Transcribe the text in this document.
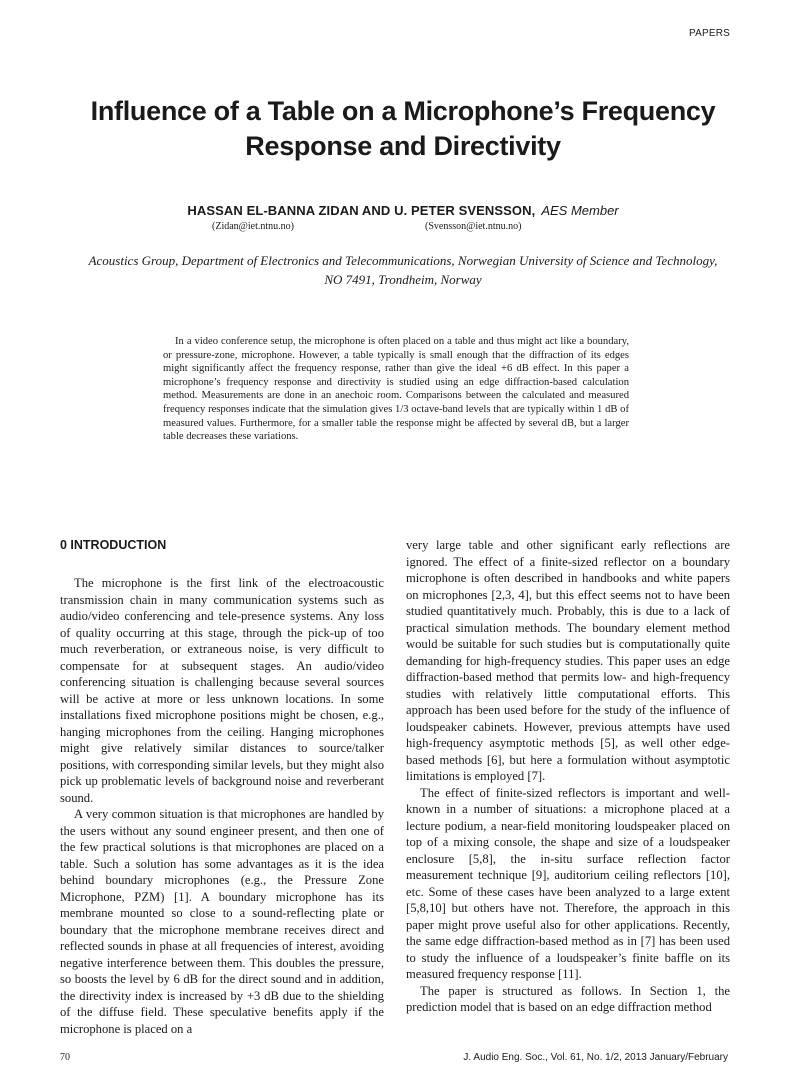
PAPERS
Influence of a Table on a Microphone’s Frequency Response and Directivity
HASSAN EL-BANNA ZIDAN AND U. PETER SVENSSON, AES Member
(Zidan@iet.ntnu.no)	(Svensson@iet.ntnu.no)
Acoustics Group, Department of Electronics and Telecommunications, Norwegian University of Science and Technology, NO 7491, Trondheim, Norway

In a video conference setup, the microphone is often placed on a table and thus might act like a boundary, or pressure-zone, microphone. However, a table typically is small enough that the diffraction of its edges might significantly affect the frequency response, rather than give the ideal +6 dB effect. In this paper a microphone’s frequency response and directivity is studied using an edge diffraction-based calculation method. Measurements are done in an anechoic room. Comparisons between the calculated and measured frequency responses indicate that the simulation gives 1/3 octave-band levels that are typically within 1 dB of measured values. Furthermore, for a smaller table the response might be affected by several dB, but a larger table decreases these variations.

0 INTRODUCTION

The microphone is the first link of the electroacoustic transmission chain in many communication systems such as audio/video conferencing and tele-presence systems. Any loss of quality occurring at this stage, through the pick-up of too much reverberation, or extraneous noise, is very difficult to compensate for at subsequent stages. An audio/video conferencing situation is challenging because several sources will be active at more or less unknown locations. In some installations fixed microphone positions might be chosen, e.g., hanging microphones from the ceiling. Hanging microphones might give relatively similar distances to source/talker positions, with corresponding similar levels, but they might also pick up problematic levels of background noise and reverberant sound.

A very common situation is that microphones are handled by the users without any sound engineer present, and then one of the few practical solutions is that microphones are placed on a table. Such a solution has some advantages as it is the idea behind boundary microphones (e.g., the Pressure Zone Microphone, PZM) [1]. A boundary microphone has its membrane mounted so close to a sound-reflecting plate or boundary that the microphone membrane receives direct and reflected sounds in phase at all frequencies of interest, avoiding negative interference between them. This doubles the pressure, so boosts the level by 6 dB for the direct sound and in addition, the directivity index is increased by +3 dB due to the shielding of the diffuse field. These speculative benefits apply if the microphone is placed on a

very large table and other significant early reflections are ignored. The effect of a finite-sized reflector on a boundary microphone is often described in handbooks and white papers on microphones [2,3, 4], but this effect seems not to have been studied quantitatively much. Probably, this is due to a lack of practical simulation methods. The boundary element method would be suitable for such studies but is computationally quite demanding for high-frequency studies. This paper uses an edge diffraction-based method that permits low- and high-frequency studies with relatively little computational efforts. This approach has been used before for the study of the influence of loudspeaker cabinets. However, previous attempts have used high-frequency asymptotic methods [5], as well other edge-based methods [6], but here a formulation without asymptotic limitations is employed [7].

The effect of finite-sized reflectors is important and well-known in a number of situations: a microphone placed at a lecture podium, a near-field monitoring loudspeaker placed on top of a mixing console, the shape and size of a loudspeaker enclosure [5,8], the in-situ surface reflection factor measurement technique [9], auditorium ceiling reflectors [10], etc. Some of these cases have been analyzed to a large extent [5,8,10] but others have not. Therefore, the approach in this paper might prove useful also for other applications. Recently, the same edge diffraction-based method as in [7] has been used to study the influence of a loudspeaker’s finite baffle on its measured frequency response [11].

The paper is structured as follows. In Section 1, the prediction model that is based on an edge diffraction method

70	J. Audio Eng. Soc., Vol. 61, No. 1/2, 2013 January/February
